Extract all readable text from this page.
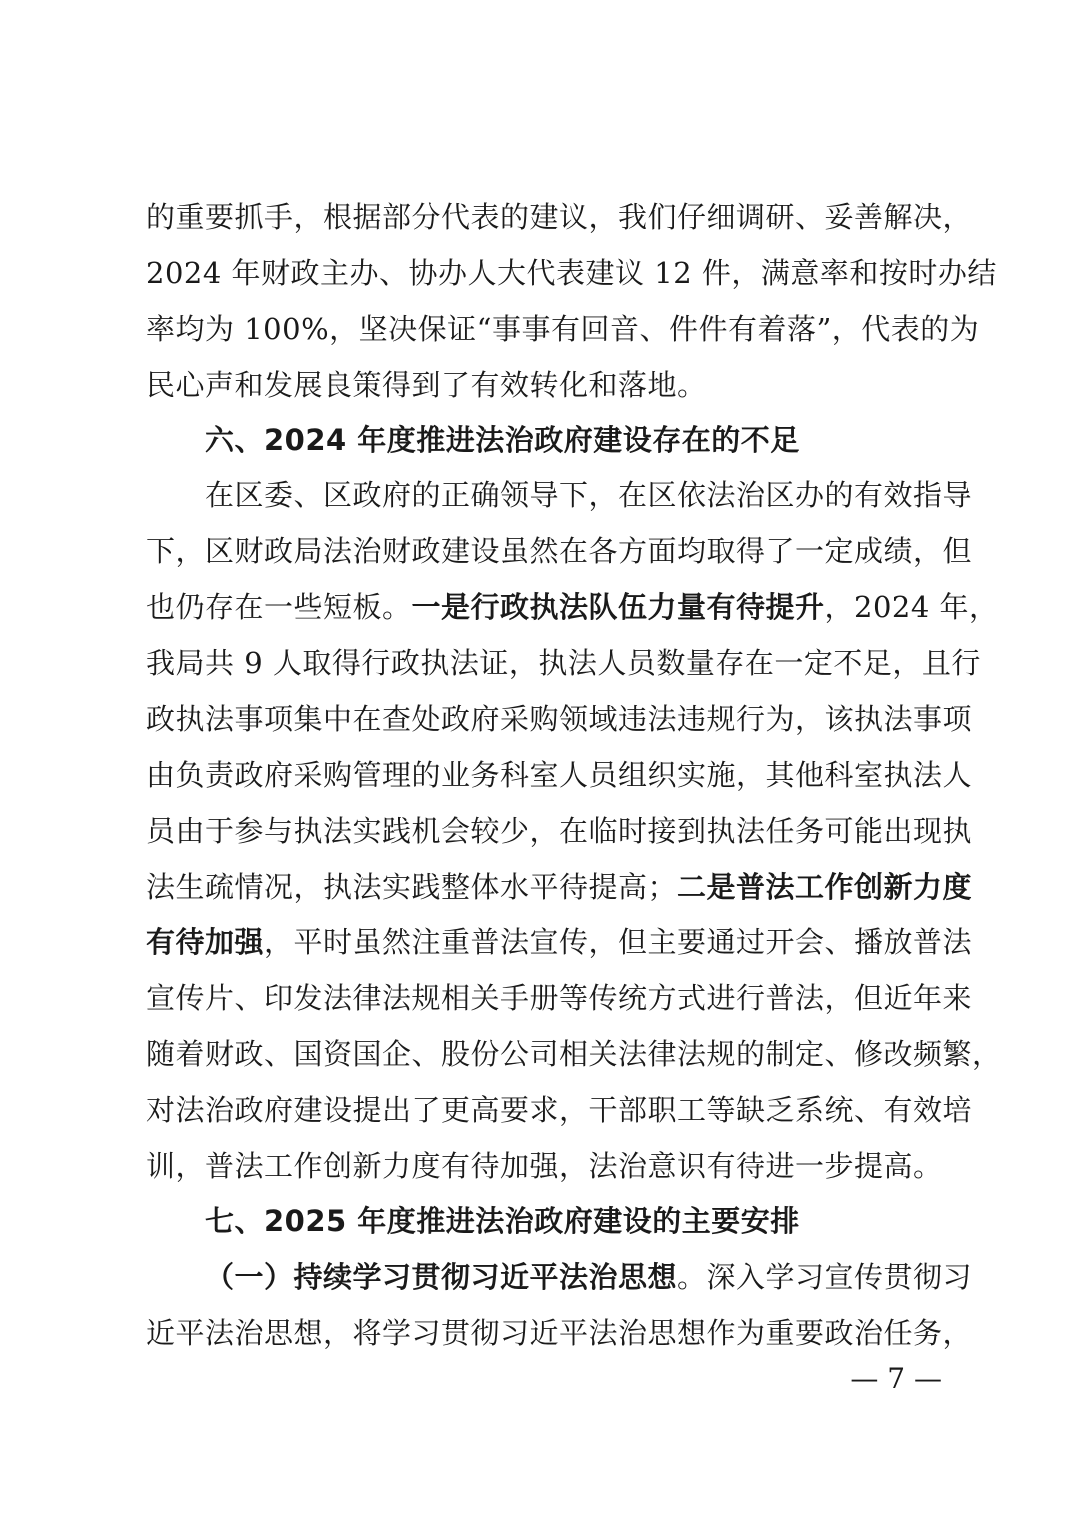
的重要抓手，根据部分代表的建议，我们仔细调研、妥善解决，
2024 年财政主办、协办人大代表建议 12 件，满意率和按时办结
率均为 100%，坚决保证“事事有回音、件件有着落”，代表的为
民心声和发展良策得到了有效转化和落地。
六、2024 年度推进法治政府建设存在的不足
在区委、区政府的正确领导下，在区依法治区办的有效指导
下，区财政局法治财政建设虽然在各方面均取得了一定成绩，但
也仍存在一些短板。一是行政执法队伍力量有待提升，2024 年，
我局共 9 人取得行政执法证，执法人员数量存在一定不足，且行
政执法事项集中在查处政府采购领域违法违规行为，该执法事项
由负责政府采购管理的业务科室人员组织实施，其他科室执法人
员由于参与执法实践机会较少，在临时接到执法任务可能出现执
法生疏情况，执法实践整体水平待提高；二是普法工作创新力度
有待加强，平时虽然注重普法宣传，但主要通过开会、播放普法
宣传片、印发法律法规相关手册等传统方式进行普法，但近年来
随着财政、国资国企、股份公司相关法律法规的制定、修改频繁，
对法治政府建设提出了更高要求，干部职工等缺乏系统、有效培
训，普法工作创新力度有待加强，法治意识有待进一步提高。
七、2025 年度推进法治政府建设的主要安排
（一）持续学习贯彻习近平法治思想。深入学习宣传贯彻习
近平法治思想，将学习贯彻习近平法治思想作为重要政治任务，
— 7 —
